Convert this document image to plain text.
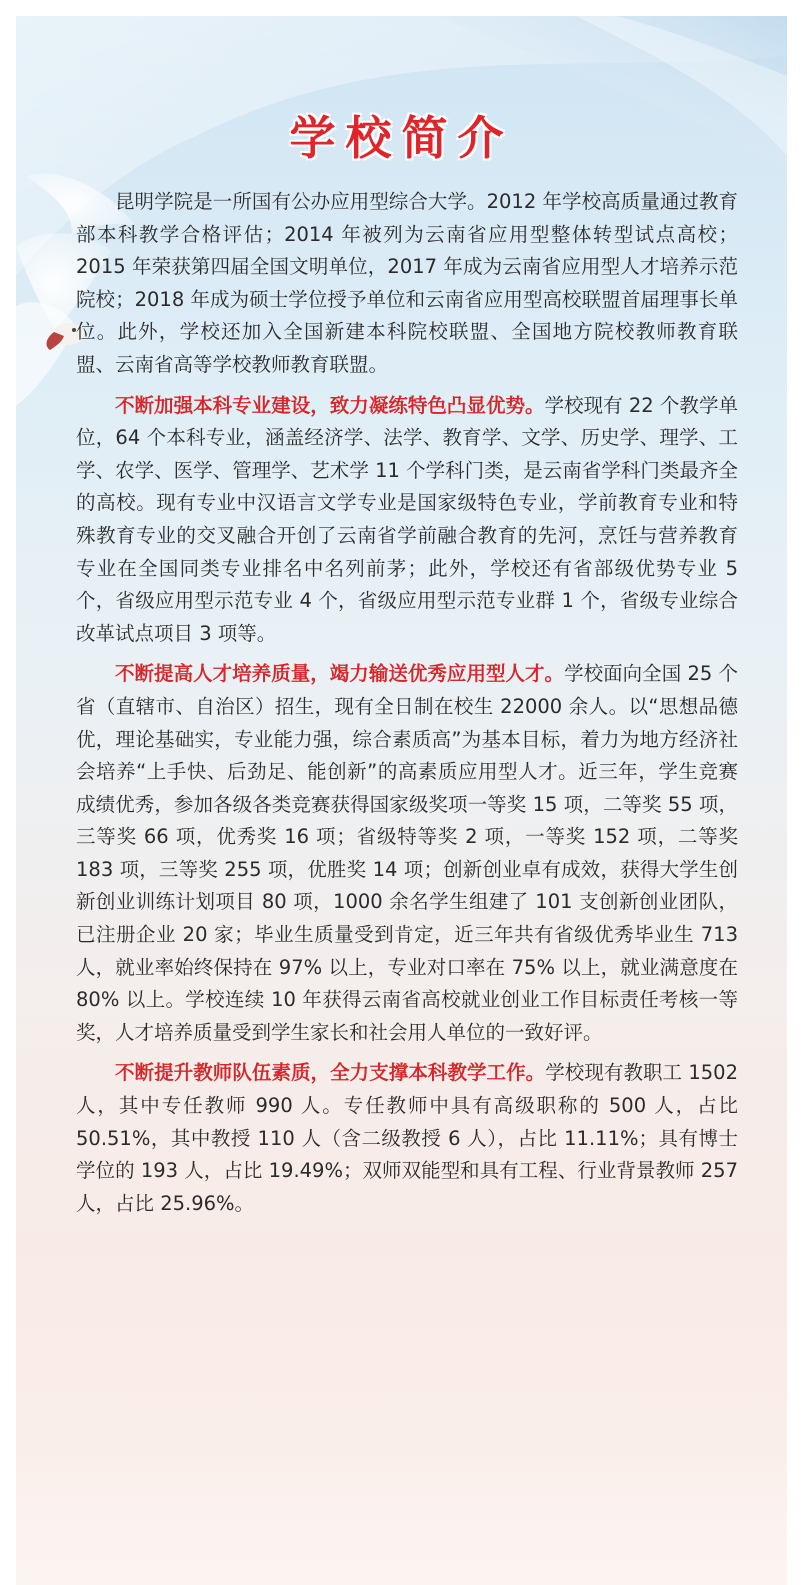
学校简介

昆明学院是一所国有公办应用型综合大学。2012 年学校高质量通过教育部本科教学合格评估；2014 年被列为云南省应用型整体转型试点高校；2015 年荣获第四届全国文明单位，2017 年成为云南省应用型人才培养示范院校；2018 年成为硕士学位授予单位和云南省应用型高校联盟首届理事长单位。此外，学校还加入全国新建本科院校联盟、全国地方院校教师教育联盟、云南省高等学校教师教育联盟。

不断加强本科专业建设，致力凝练特色凸显优势。学校现有 22 个教学单位，64 个本科专业，涵盖经济学、法学、教育学、文学、历史学、理学、工学、农学、医学、管理学、艺术学 11 个学科门类，是云南省学科门类最齐全的高校。现有专业中汉语言文学专业是国家级特色专业，学前教育专业和特殊教育专业的交叉融合开创了云南省学前融合教育的先河，烹饪与营养教育专业在全国同类专业排名中名列前茅；此外，学校还有省部级优势专业 5 个，省级应用型示范专业 4 个，省级应用型示范专业群 1 个，省级专业综合改革试点项目 3 项等。

不断提高人才培养质量，竭力输送优秀应用型人才。学校面向全国 25 个省（直辖市、自治区）招生，现有全日制在校生 22000 余人。以“思想品德优，理论基础实，专业能力强，综合素质高”为基本目标，着力为地方经济社会培养“上手快、后劲足、能创新”的高素质应用型人才。近三年，学生竞赛成绩优秀，参加各级各类竞赛获得国家级奖项一等奖 15 项，二等奖 55 项，三等奖 66 项，优秀奖 16 项；省级特等奖 2 项，一等奖 152 项，二等奖 183 项，三等奖 255 项，优胜奖 14 项；创新创业卓有成效，获得大学生创新创业训练计划项目 80 项，1000 余名学生组建了 101 支创新创业团队，已注册企业 20 家；毕业生质量受到肯定，近三年共有省级优秀毕业生 713 人，就业率始终保持在 97% 以上，专业对口率在 75% 以上，就业满意度在 80% 以上。学校连续 10 年获得云南省高校就业创业工作目标责任考核一等奖，人才培养质量受到学生家长和社会用人单位的一致好评。

不断提升教师队伍素质，全力支撑本科教学工作。学校现有教职工 1502 人，其中专任教师 990 人。专任教师中具有高级职称的 500 人，占比 50.51%，其中教授 110 人（含二级教授 6 人），占比 11.11%；具有博士学位的 193 人，占比 19.49%；双师双能型和具有工程、行业背景教师 257 人，占比 25.96%。
